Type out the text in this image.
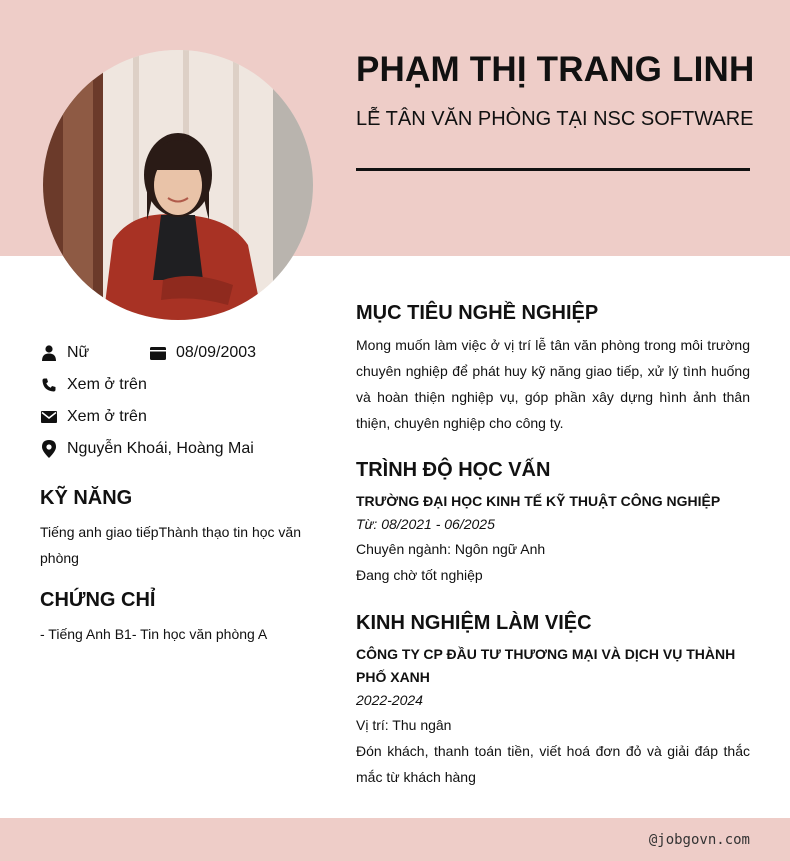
PHẠM THỊ TRANG LINH
LỄ TÂN VĂN PHÒNG TẠI NSC SOFTWARE
Nữ	08/09/2003
Xem ở trên
Xem ở trên
Nguyễn Khoái, Hoàng Mai
KỸ NĂNG
Tiếng anh giao tiếpThành thạo tin học văn phòng
CHỨNG CHỈ
- Tiếng Anh B1- Tin học văn phòng A
MỤC TIÊU NGHỀ NGHIỆP
Mong muốn làm việc ở vị trí lễ tân văn phòng trong môi trường chuyên nghiệp để phát huy kỹ năng giao tiếp, xử lý tình huống và hoàn thiện nghiệp vụ, góp phần xây dựng hình ảnh thân thiện, chuyên nghiệp cho công ty.
TRÌNH ĐỘ HỌC VẤN
TRƯỜNG ĐẠI HỌC KINH TẾ KỸ THUẬT CÔNG NGHIỆP
Từ: 08/2021 - 06/2025
Chuyên ngành: Ngôn ngữ Anh
Đang chờ tốt nghiệp
KINH NGHIỆM LÀM VIỆC
CÔNG TY CP ĐẦU TƯ THƯƠNG MẠI VÀ DỊCH VỤ THÀNH PHỐ XANH
2022-2024
Vị trí: Thu ngân
Đón khách, thanh toán tiền, viết hoá đơn đỏ và giải đáp thắc mắc từ khách hàng
@jobgovn.com
